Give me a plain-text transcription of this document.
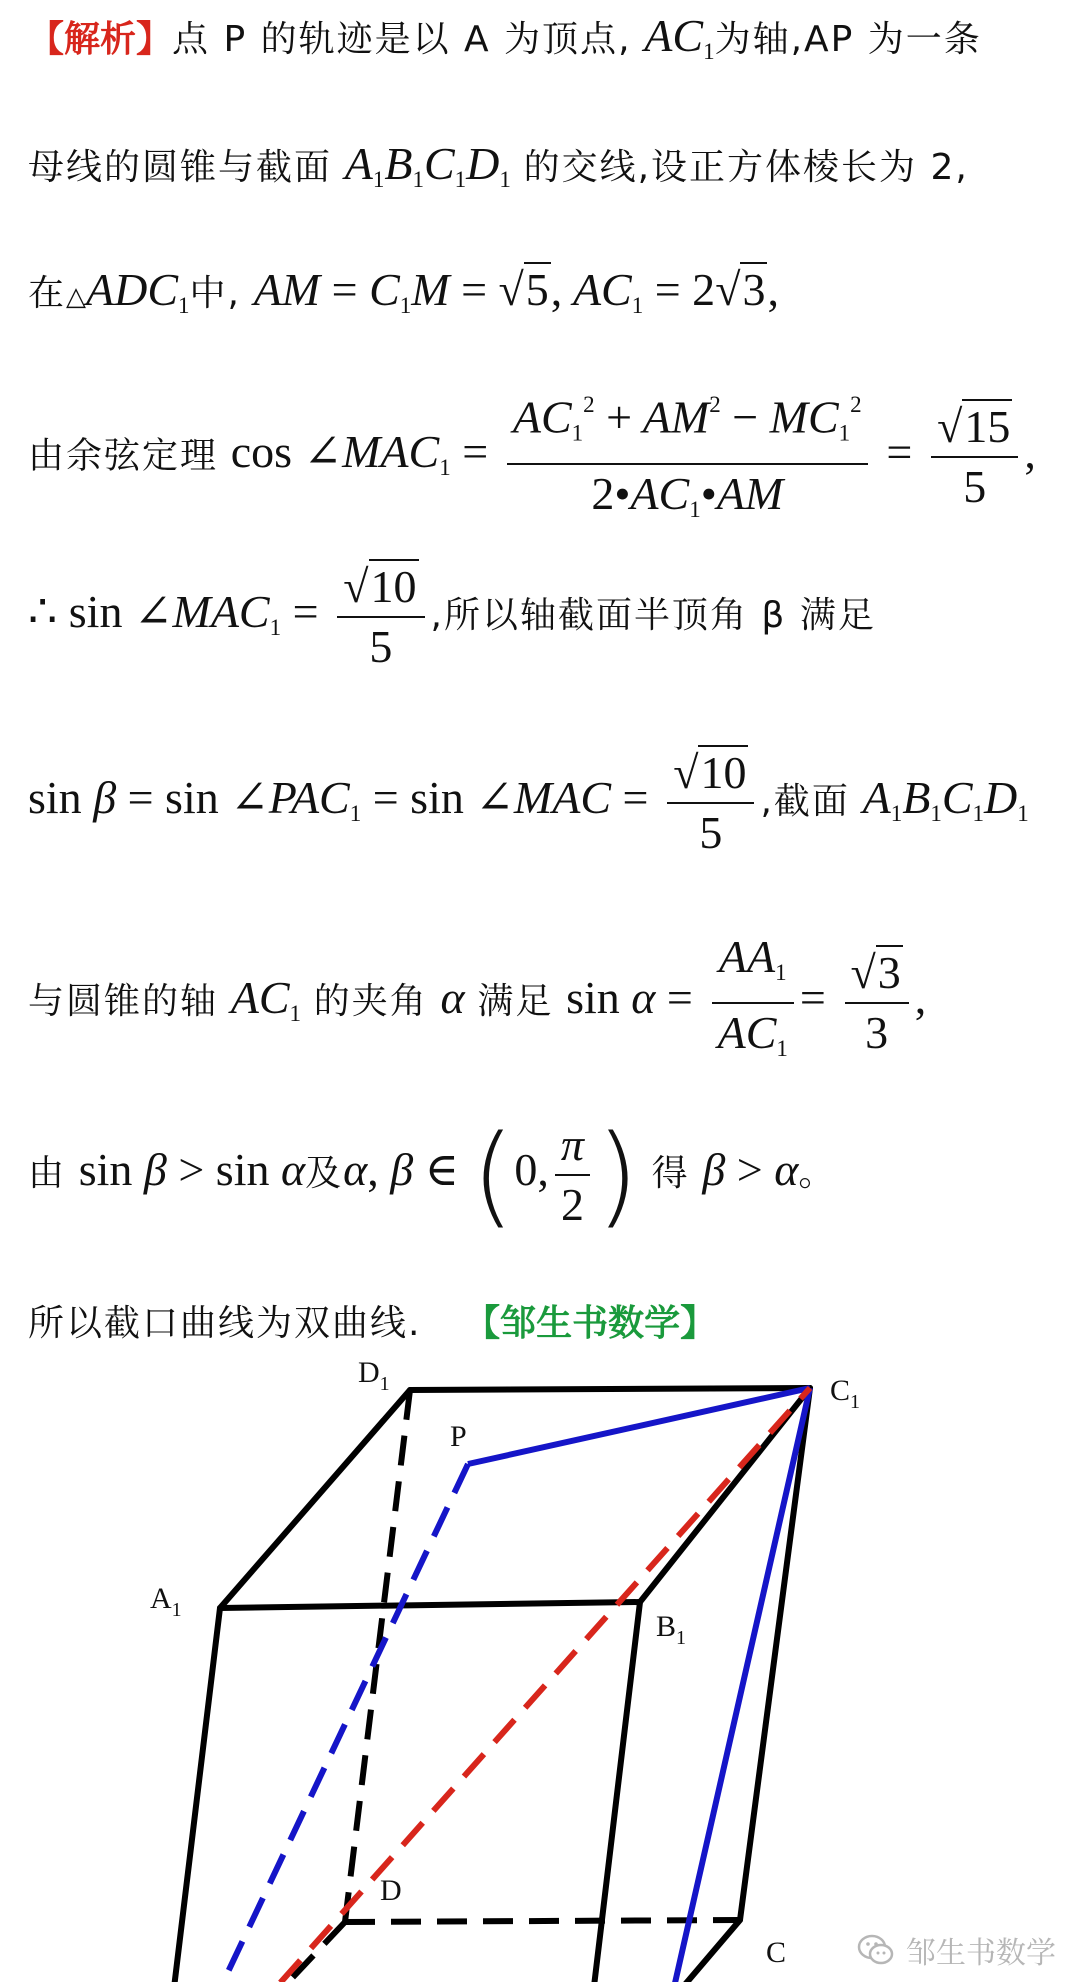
【解析】点 P 的轨迹是以 A 为顶点, $AC_1$为轴,AP 为一条
母线的圆锥与截面 $A_1B_1C_1D_1$ 的交线,设正方体棱长为 2,
在$\triangle ADC_1$中, AM = $C_1M = √5$, $AC_1 = 2√3$,
由余弦定理 $\cos \angle MAC_1 = \frac{AC_1^2 + AM^2 - MC_1^2}{2•AC_1•AM} = \frac{√15}{5}$ ,
∴ $\sin \angle MAC_1 = \frac{√10}{5}$ ,所以轴截面半顶角 β 满足
$\sin \beta = \sin \angle PAC_1 = \sin$ ∠MAC = $\frac{√10}{5}$ ,截面 $A_1B_1C_1D_1$
与圆锥的轴 $AC_1$ 的夹角 α 满足 $\sin \alpha = \frac{AA_1}{AC_1} = \frac{√3}{3}$ ,
由 sin β > sin α及α, β ∈ (0, $\frac{\pi}{2}$ ) 得 β > α。
所以截口曲线为双曲线. 【邹生书数学】
$D_1$	$C_1$
P
$A_1$	$B_1$
D
C	邹生书数学
